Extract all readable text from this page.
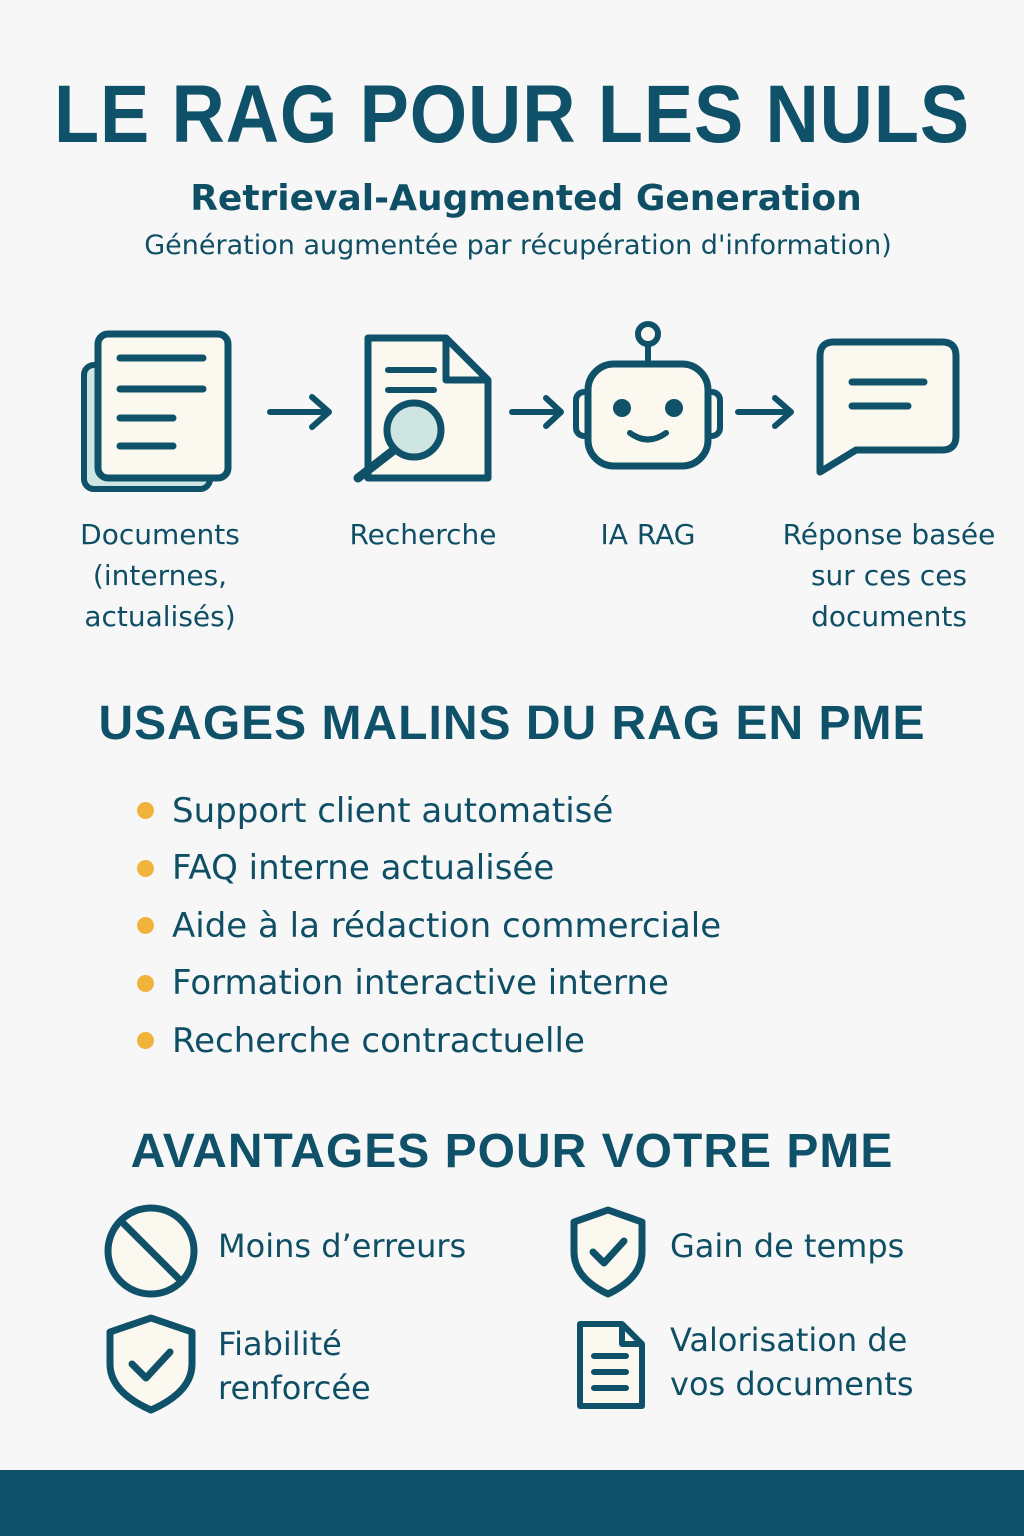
LE RAG POUR LES NULS
Retrieval-Augmented Generation
Génération augmentée par récupération d'information)
Documents
(internes,
actualisés)
Recherche	IA RAG	Réponse basée
sur ces ces
documents
USAGES MALINS DU RAG EN PME
Support client automatisé
FAQ interne actualisée
Aide à la rédaction commerciale
Formation interactive interne
Recherche contractuelle
AVANTAGES POUR VOTRE PME
Moins d’erreurs	Gain de temps
Fiabilité
renforcée
Valorisation de
vos documents
